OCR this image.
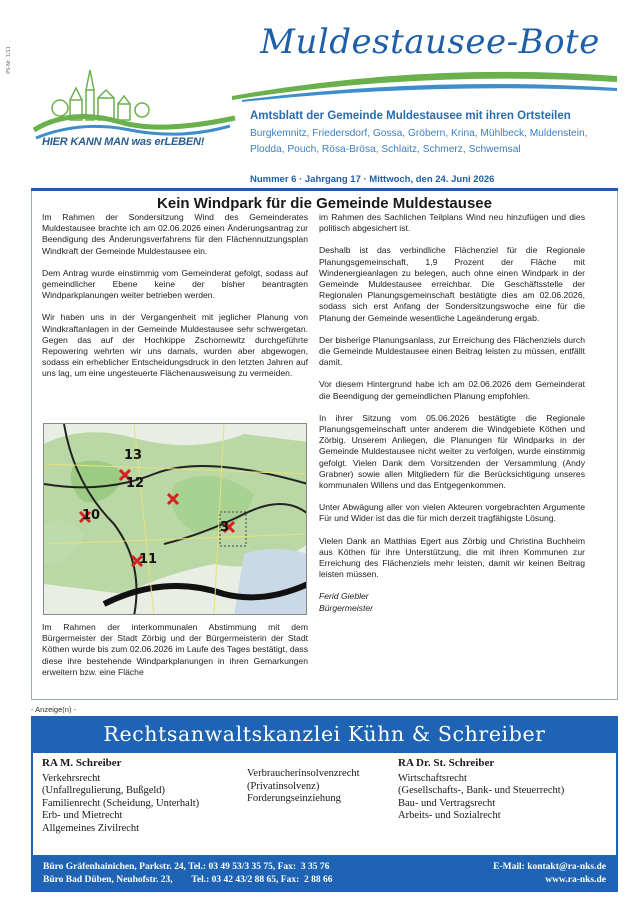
PS-Nr. 1/11
HIER KANN MAN was erLEBEN!
Muldestausee-Bote
Amtsblatt der Gemeinde Muldestausee mit ihren Ortsteilen
Burgkemnitz, Friedersdorf, Gossa, Gröbern, Krina, Mühlbeck, Muldenstein, Plodda, Pouch, Rösa-Brösa, Schlaitz, Schmerz, Schwemsal
Nummer 6 · Jahrgang 17 · Mittwoch, den 24. Juni 2026
Kein Windpark für die Gemeinde Muldestausee

Im Rahmen der Sondersitzung Wind des Gemeinderates Muldestausee brachte ich am 02.06.2026 einen Änderungsantrag zur Beendigung des Änderungsverfahrens für den Flächennutzungsplan Windkraft der Gemeinde Muldestausee ein.

Dem Antrag wurde einstimmig vom Gemeinderat gefolgt, sodass auf gemeindlicher Ebene keine der bisher beantragten Windparkplanungen weiter betrieben werden.

Wir haben uns in der Vergangenheit mit jeglicher Planung von Windkraftanlagen in der Gemeinde Muldestausee sehr schwergetan. Gegen das auf der Hochkippe Zschornewitz durchgeführte Repowering wehrten wir uns damals, wurden aber abgewogen, sodass ein erheblicher Entscheidungsdruck in den letzten Jahren auf uns lag, um eine ungesteuerte Flächenausweisung zu vermeiden.

13
12
10
3
11
Im Rahmen der interkommunalen Abstimmung mit dem Bürgermeister der Stadt Zörbig und der Bürgermeisterin der Stadt Köthen wurde bis zum 02.06.2026 im Laufe des Tages bestätigt, dass diese ihre bestehende Windparkplanungen in ihren Gemarkungen erweitern bzw. eine Fläche

im Rahmen des Sachlichen Teilplans Wind neu hinzufügen und dies politisch abgesichert ist.

Deshalb ist das verbindliche Flächenziel für die Regionale Planungsgemeinschaft, 1,9 Prozent der Fläche mit Windenergieanlagen zu belegen, auch ohne einen Windpark in der Gemeinde Muldestausee erreichbar. Die Geschäftsstelle der Regionalen Planungsgemeinschaft bestätigte dies am 02.06.2026, sodass sich erst Anfang der Sondersitzungswoche eine für die Planung der Gemeinde wesentliche Lageänderung ergab.

Der bisherige Planungsanlass, zur Erreichung des Flächenziels durch die Gemeinde Muldestausee einen Beitrag leisten zu müssen, entfällt damit.

Vor diesem Hintergrund habe ich am 02.06.2026 dem Gemeinderat die Beendigung der gemeindlichen Planung empfohlen.

In ihrer Sitzung vom 05.06.2026 bestätigte die Regionale Planungsgemeinschaft unter anderem die Windgebiete Köthen und Zörbig. Unserem Anliegen, die Planungen für Windparks in der Gemeinde Muldestausee nicht weiter zu verfolgen, wurde einstimmig gefolgt. Vielen Dank dem Vorsitzenden der Versammlung (Andy Grabner) sowie allen Mitgliedern für die Berücksichtigung unseres kommunalen Willens und das Entgegenkommen.

Unter Abwägung aller von vielen Akteuren vorgebrachten Argumente Für und Wider ist das die für mich derzeit tragfähigste Lösung.

Vielen Dank an Matthias Egert aus Zörbig und Christina Buchheim aus Köthen für ihre Unterstützung, die mit ihren Kommunen zur Erreichung des Flächenziels mehr leisten, damit wir keinen Beitrag leisten müssen.

Ferid Giebler
Bürgermeister
- Anzeige(n) -
Rechtsanwaltskanzlei Kühn & Schreiber
RA M. Schreiber
Verkehrsrecht
(Unfallregulierung, Bußgeld)
Familienrecht (Scheidung, Unterhalt)
Erb- und Mietrecht
Allgemeines Zivilrecht
Verbraucherinsolvenzrecht
(Privatinsolvenz)
Forderungseinziehung
RA Dr. St. Schreiber
Wirtschaftsrecht
(Gesellschafts-, Bank- und Steuerrecht)
Bau- und Vertragsrecht
Arbeits- und Sozialrecht
Büro Gräfenhainichen, Parkstr. 24, Tel.: 03 49 53/3 35 75, Fax:  3 35 76
Büro Bad Düben, Neuhofstr. 23,        Tel.: 03 42 43/2 88 65, Fax:  2 88 66
E-Mail: kontakt@ra-nks.de
www.ra-nks.de
